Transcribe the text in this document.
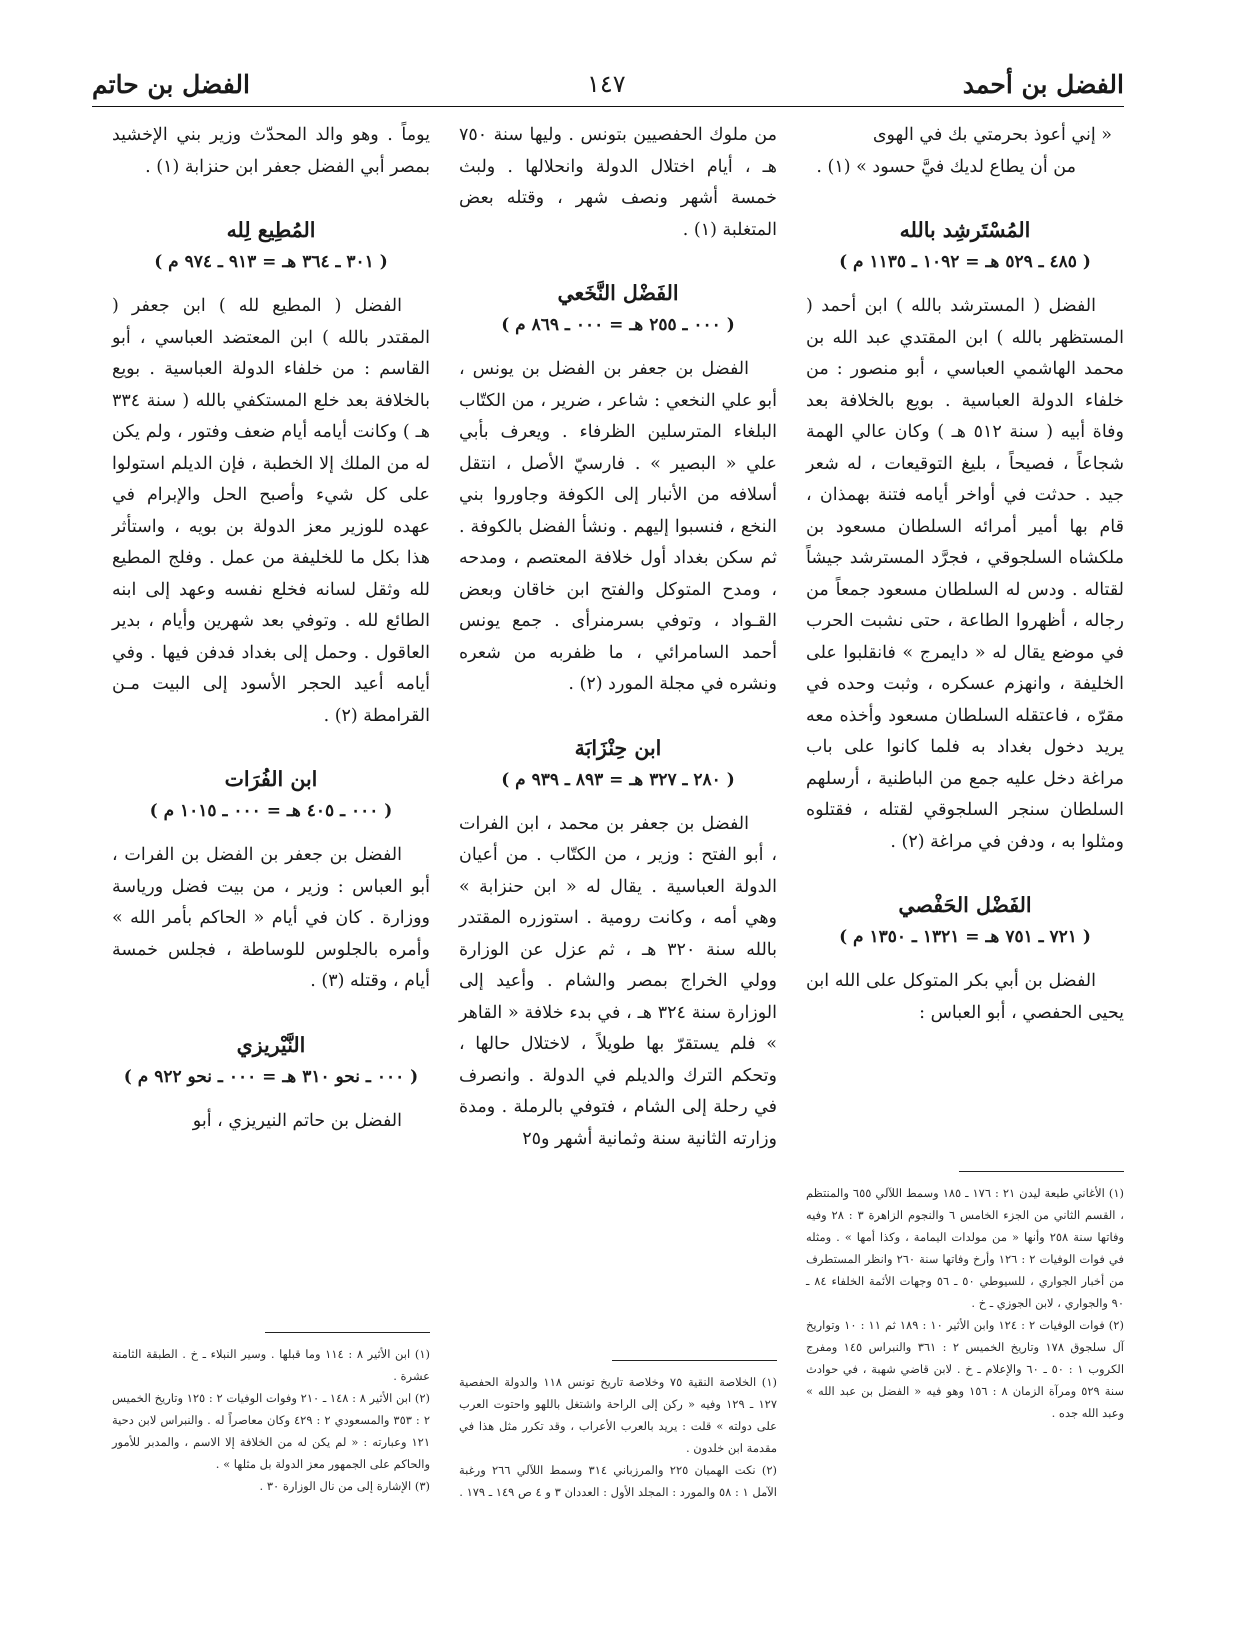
الفضل بن أحمد
١٤٧
الفضل بن حاتم

« إني أعوذ بحرمتي بك في الهوى

من أن يطاع لديك فيَّ حسود » (١) .

المُسْتَرشِد بالله
( ٤٨٥ ـ ٥٢٩ هـ = ١٠٩٢ ـ ١١٣٥ م )

الفضل ( المسترشد بالله ) ابن أحمد ( المستظهر بالله ) ابن المقتدي عبد الله بن محمد الهاشمي العباسي ، أبو منصور : من خلفاء الدولة العباسية . بويع بالخلافة بعد وفاة أبيه ( سنة ٥١٢ هـ ) وكان عالي الهمة شجاعاً ، فصيحاً ، بليغ التوقيعات ، له شعر جيد . حدثت في أواخر أيامه فتنة بهمذان ، قام بها أمير أمرائه السلطان مسعود بن ملكشاه السلجوقي ، فجرَّد المسترشد جيشاً لقتاله . ودس له السلطان مسعود جمعاً من رجاله ، أظهروا الطاعة ، حتى نشبت الحرب في موضع يقال له « دايمرج » فانقلبوا على الخليفة ، وانهزم عسكره ، وثبت وحده في مقرّه ، فاعتقله السلطان مسعود وأخذه معه يريد دخول بغداد به فلما كانوا على باب مراغة دخل عليه جمع من الباطنية ، أرسلهم السلطان سنجر السلجوقي لقتله ، فقتلوه ومثلوا به ، ودفن في مراغة (٢) .

الفَضْل الحَفْصي
( ٧٢١ ـ ٧٥١ هـ = ١٣٢١ ـ ١٣٥٠ م )

الفضل بن أبي بكر المتوكل على الله ابن يحيى الحفصي ، أبو العباس :

(١) الأغاني طبعة ليدن ٢١ : ١٧٦ ـ ١٨٥ وسمط اللآلي ٦٥٥ والمنتظم ، القسم الثاني من الجزء الخامس ٦ والنجوم الزاهرة ٣ : ٢٨ وفيه وفاتها سنة ٢٥٨ وأنها « من مولدات اليمامة ، وكذا أمها » . ومثله في فوات الوفيات ٢ : ١٢٦ وأرخ وفاتها سنة ٢٦٠ وانظر المستطرف من أخبار الجواري ، للسيوطي ٥٠ ـ ٥٦ وجهات الأئمة الخلفاء ٨٤ ـ ٩٠ والجواري ، لابن الجوزي ـ خ .

(٢) فوات الوفيات ٢ : ١٢٤ وابن الأثير ١٠ : ١٨٩ ثم ١١ : ١٠ وتواريخ آل سلجوق ١٧٨ وتاريخ الخميس ٢ : ٣٦١ والنبراس ١٤٥ ومفرج الكروب ١ : ٥٠ ـ ٦٠ والإعلام ـ خ . لابن قاضي شهبة ، في حوادث سنة ٥٢٩ ومرآة الزمان ٨ : ١٥٦ وهو فيه « الفضل بن عبد الله » وعبد الله جده .

من ملوك الحفصيين بتونس . وليها سنة ٧٥٠ هـ ، أيام اختلال الدولة وانحلالها . ولبث خمسة أشهر ونصف شهر ، وقتله بعض المتغلبة (١) .

الفَضْل النَّخَعي
( ٠٠٠ ـ ٢٥٥ هـ = ٠٠٠ ـ ٨٦٩ م )

الفضل بن جعفر بن الفضل بن يونس ، أبو علي النخعي : شاعر ، ضرير ، من الكتّاب البلغاء المترسلين الظرفاء . ويعرف بأبي علي « البصير » . فارسيّ الأصل ، انتقل أسلافه من الأنبار إلى الكوفة وجاوروا بني النخع ، فنسبوا إليهم . ونشأ الفضل بالكوفة . ثم سكن بغداد أول خلافة المعتصم ، ومدحه ، ومدح المتوكل والفتح ابن خاقان وبعض القـواد ، وتوفي بسرمنرأى . جمع يونس أحمد السامرائي ، ما ظفربه من شعره ونشره في مجلة المورد (٢) .

ابن حِنْزَابَة
( ٢٨٠ ـ ٣٢٧ هـ = ٨٩٣ ـ ٩٣٩ م )

الفضل بن جعفر بن محمد ، ابن الفرات ، أبو الفتح : وزير ، من الكتّاب . من أعيان الدولة العباسية . يقال له « ابن حنزابة » وهي أمه ، وكانت رومية . استوزره المقتدر بالله سنة ٣٢٠ هـ ، ثم عزل عن الوزارة وولي الخراج بمصر والشام . وأعيد إلى الوزارة سنة ٣٢٤ هـ ، في بدء خلافة « القاهر » فلم يستقرّ بها طويلاً ، لاختلال حالها ، وتحكم الترك والديلم في الدولة . وانصرف في رحلة إلى الشام ، فتوفي بالرملة . ومدة وزارته الثانية سنة وثمانية أشهر و٢٥

(١) الخلاصة النقية ٧٥ وخلاصة تاريخ تونس ١١٨ والدولة الحفصية ١٢٧ ـ ١٢٩ وفيه « ركن إلى الراحة واشتغل باللهو واحتوت العرب على دولته » قلت : يريد بالعرب الأعراب ، وقد تكرر مثل هذا في مقدمة ابن خلدون .

(٢) نكت الهميان ٢٢٥ والمرزباني ٣١٤ وسمط اللآلي ٢٦٦ ورغبة الآمل ١ : ٥٨ والمورد : المجلد الأول : العددان ٣ و ٤ ص ١٤٩ ـ ١٧٩ .

يوماً . وهو والد المحدّث وزير بني الإخشيد بمصر أبي الفضل جعفر ابن حنزابة (١) .

المُطِيع لِله
( ٣٠١ ـ ٣٦٤ هـ = ٩١٣ ـ ٩٧٤ م )

الفضل ( المطيع لله ) ابن جعفر ( المقتدر بالله ) ابن المعتضد العباسي ، أبو القاسم : من خلفاء الدولة العباسية . بويع بالخلافة بعد خلع المستكفي بالله ( سنة ٣٣٤ هـ ) وكانت أيامه أيام ضعف وفتور ، ولم يكن له من الملك إلا الخطبة ، فإن الديلم استولوا على كل شيء وأصبح الحل والإبرام في عهده للوزير معز الدولة بن بويه ، واستأثر هذا بكل ما للخليفة من عمل . وفلج المطيع لله وثقل لسانه فخلع نفسه وعهد إلى ابنه الطائع لله . وتوفي بعد شهرين وأيام ، بدير العاقول . وحمل إلى بغداد فدفن فيها . وفي أيامه أعيد الحجر الأسود إلى البيت مـن القرامطة (٢) .

ابن الفُرَات
( ٠٠٠ ـ ٤٠٥ هـ = ٠٠٠ ـ ١٠١٥ م )

الفضل بن جعفر بن الفضل بن الفرات ، أبو العباس : وزير ، من بيت فضل ورياسة ووزارة . كان في أيام « الحاكم بأمر الله » وأمره بالجلوس للوساطة ، فجلس خمسة أيام ، وقتله (٣) .

النَّيْريزي
( ٠٠٠ ـ نحو ٣١٠ هـ = ٠٠٠ ـ نحو ٩٢٢ م )

الفضل بن حاتم النيريزي ، أبو

(١) ابن الأثير ٨ : ١١٤ وما قبلها . وسير النبلاء ـ خ . الطبقة الثامنة عشرة .

(٢) ابن الأثير ٨ : ١٤٨ ـ ٢١٠ وفوات الوفيات ٢ : ١٢٥ وتاريخ الخميس ٢ : ٣٥٣ والمسعودي ٢ : ٤٢٩ وكان معاصراً له . والنبراس لابن دحية ١٢١ وعبارته : « لم يكن له من الخلافة إلا الاسم ، والمدبر للأمور والحاكم على الجمهور معز الدولة بل مثلها » .

(٣) الإشارة إلى من نال الوزارة ٣٠ .
